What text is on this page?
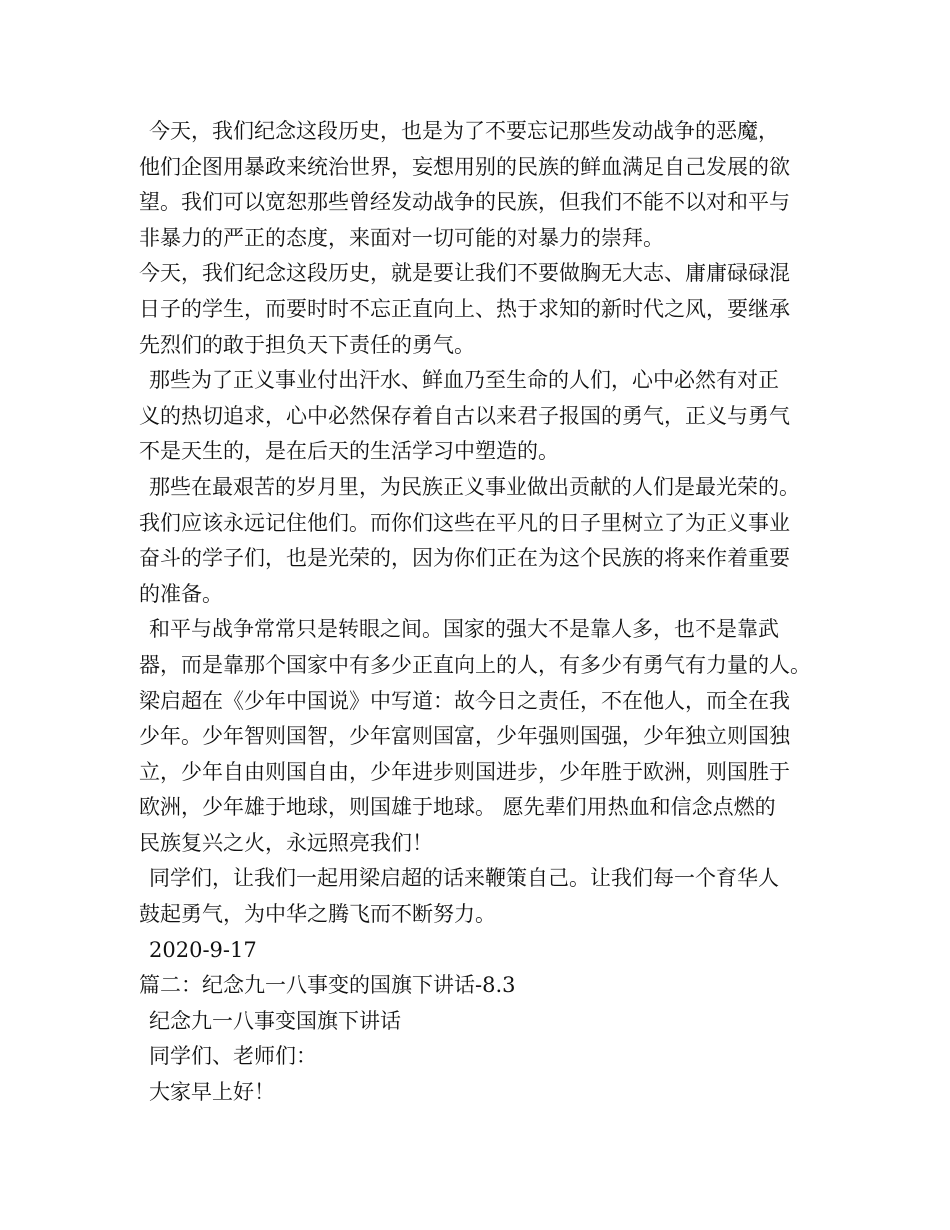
今天，我们纪念这段历史，也是为了不要忘记那些发动战争的恶魔，
他们企图用暴政来统治世界，妄想用别的民族的鲜血满足自己发展的欲
望。我们可以宽恕那些曾经发动战争的民族，但我们不能不以对和平与
非暴力的严正的态度，来面对一切可能的对暴力的崇拜。

今天，我们纪念这段历史，就是要让我们不要做胸无大志、庸庸碌碌混
日子的学生，而要时时不忘正直向上、热于求知的新时代之风，要继承
先烈们的敢于担负天下责任的勇气。

那些为了正义事业付出汗水、鲜血乃至生命的人们，心中必然有对正
义的热切追求，心中必然保存着自古以来君子报国的勇气，正义与勇气
不是天生的，是在后天的生活学习中塑造的。

那些在最艰苦的岁月里，为民族正义事业做出贡献的人们是最光荣的。
我们应该永远记住他们。而你们这些在平凡的日子里树立了为正义事业
奋斗的学子们，也是光荣的，因为你们正在为这个民族的将来作着重要
的准备。

和平与战争常常只是转眼之间。国家的强大不是靠人多，也不是靠武
器，而是靠那个国家中有多少正直向上的人，有多少有勇气有力量的人。
梁启超在《少年中国说》中写道：故今日之责任，不在他人，而全在我
少年。少年智则国智，少年富则国富，少年强则国强，少年独立则国独
立，少年自由则国自由，少年进步则国进步，少年胜于欧洲，则国胜于
欧洲，少年雄于地球，则国雄于地球。 愿先辈们用热血和信念点燃的
民族复兴之火，永远照亮我们！

同学们，让我们一起用梁启超的话来鞭策自己。让我们每一个育华人
鼓起勇气，为中华之腾飞而不断努力。

2020-9-17

篇二：纪念九一八事变的国旗下讲话-8.3

纪念九一八事变国旗下讲话

同学们、老师们：

大家早上好！
